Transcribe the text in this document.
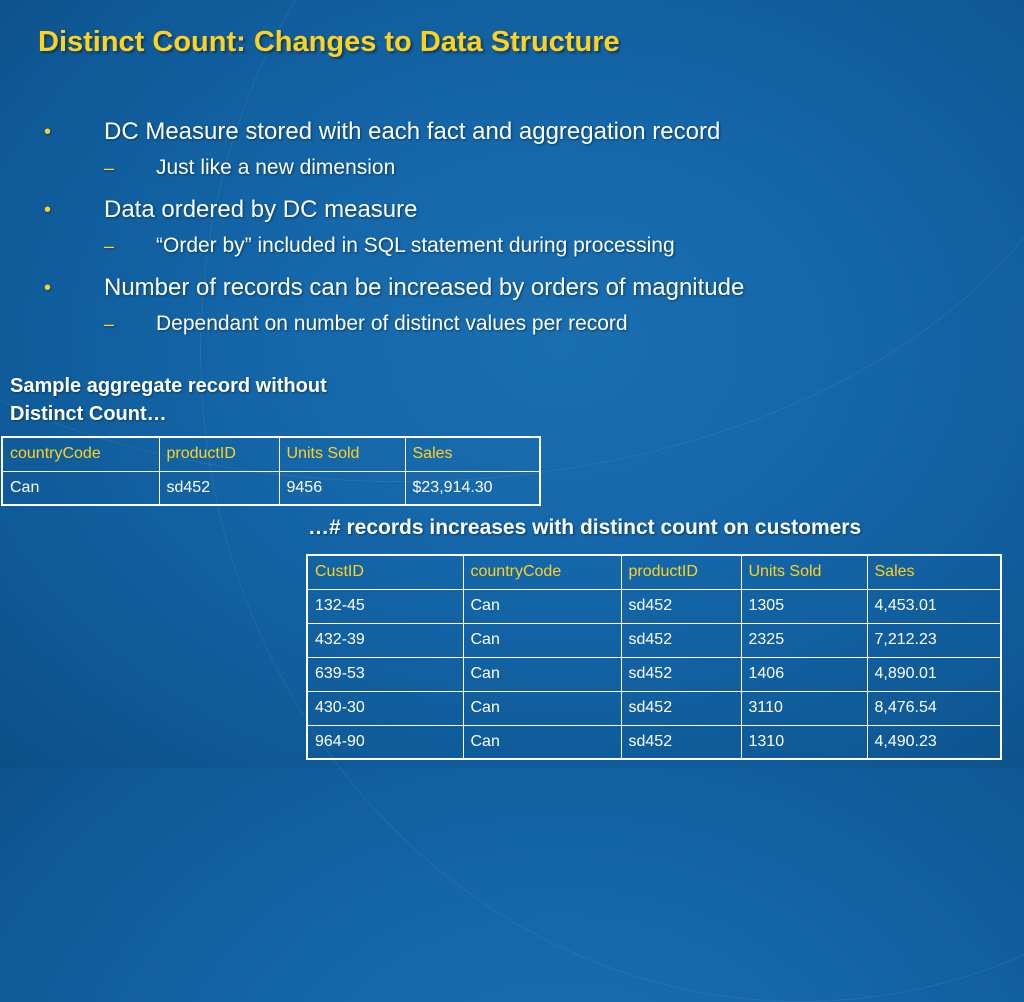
Distinct Count: Changes to Data Structure
• DC Measure stored with each fact and aggregation record
– Just like a new dimension
• Data ordered by DC measure
– “Order by” included in SQL statement during processing
• Number of records can be increased by orders of magnitude
– Dependant on number of distinct values per record
Sample aggregate record without
Distinct Count…
countryCode	productID	Units Sold	Sales
Can	sd452	9456	$23,914.30
…# records increases with distinct count on customers
CustID	countryCode	productID	Units Sold	Sales
132-45	Can	sd452	1305	4,453.01
432-39	Can	sd452	2325	7,212.23
639-53	Can	sd452	1406	4,890.01
430-30	Can	sd452	3110	8,476.54
964-90	Can	sd452	1310	4,490.23
